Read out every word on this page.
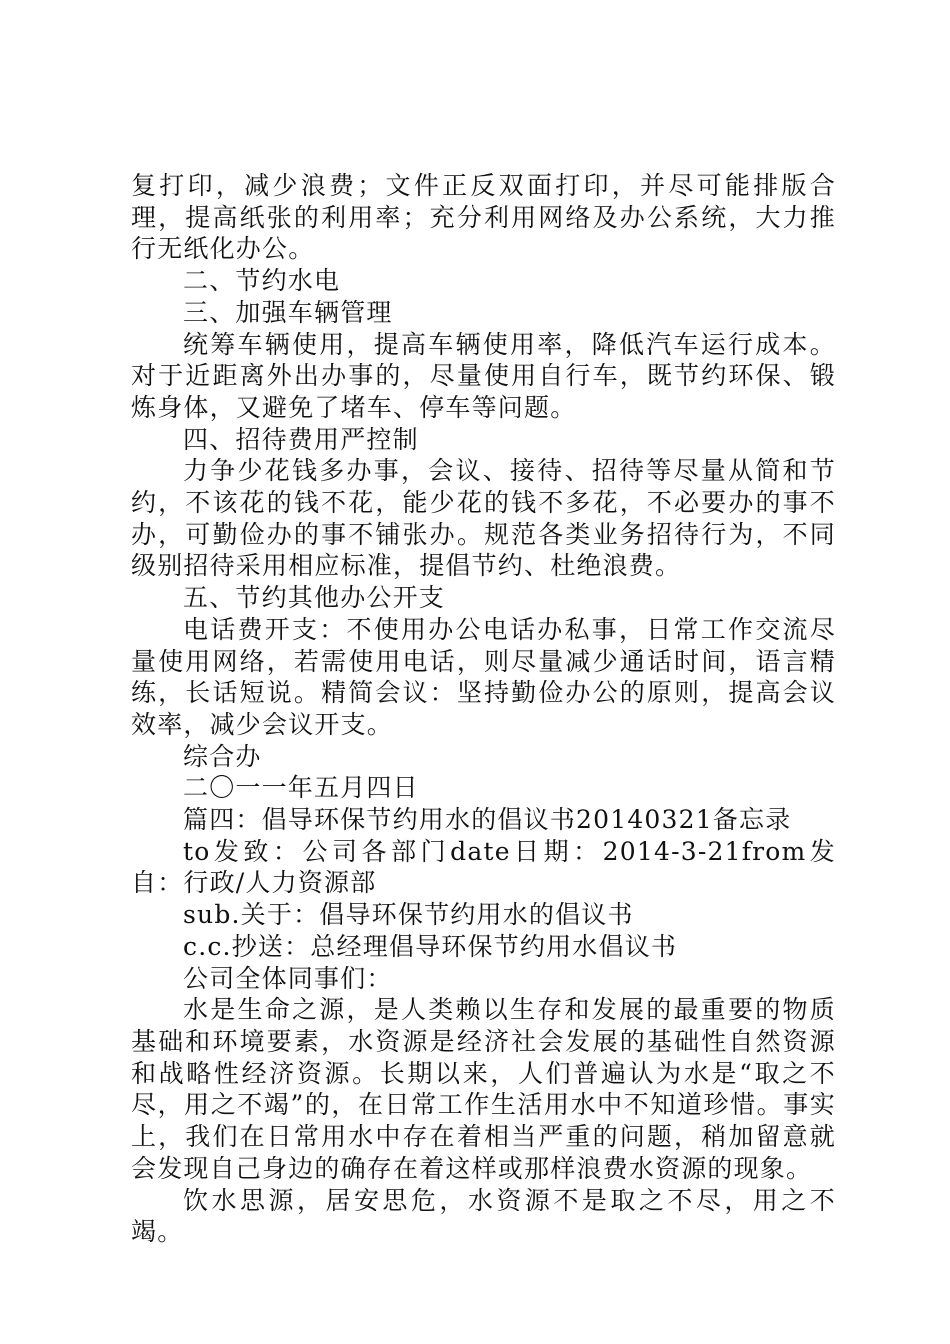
复打印，减少浪费；文件正反双面打印，并尽可能排版合理，提高纸张的利用率；充分利用网络及办公系统，大力推行无纸化办公。

二、节约水电

三、加强车辆管理

统筹车辆使用，提高车辆使用率，降低汽车运行成本。对于近距离外出办事的，尽量使用自行车，既节约环保、锻炼身体，又避免了堵车、停车等问题。

四、招待费用严控制

力争少花钱多办事，会议、接待、招待等尽量从简和节约，不该花的钱不花，能少花的钱不多花，不必要办的事不办，可勤俭办的事不铺张办。规范各类业务招待行为，不同级别招待采用相应标准，提倡节约、杜绝浪费。

五、节约其他办公开支

电话费开支：不使用办公电话办私事，日常工作交流尽量使用网络，若需使用电话，则尽量减少通话时间，语言精练，长话短说。精简会议：坚持勤俭办公的原则，提高会议效率，减少会议开支。

综合办

二〇一一年五月四日

篇四：倡导环保节约用水的倡议书20140321备忘录

to发致：公司各部门date日期：2014-3-21from发自：行政/人力资源部

sub.关于：倡导环保节约用水的倡议书

c.c.抄送：总经理倡导环保节约用水倡议书

公司全体同事们：

水是生命之源，是人类赖以生存和发展的最重要的物质基础和环境要素，水资源是经济社会发展的基础性自然资源和战略性经济资源。长期以来，人们普遍认为水是“取之不尽，用之不竭”的，在日常工作生活用水中不知道珍惜。事实上，我们在日常用水中存在着相当严重的问题，稍加留意就会发现自己身边的确存在着这样或那样浪费水资源的现象。

饮水思源，居安思危，水资源不是取之不尽，用之不竭。
